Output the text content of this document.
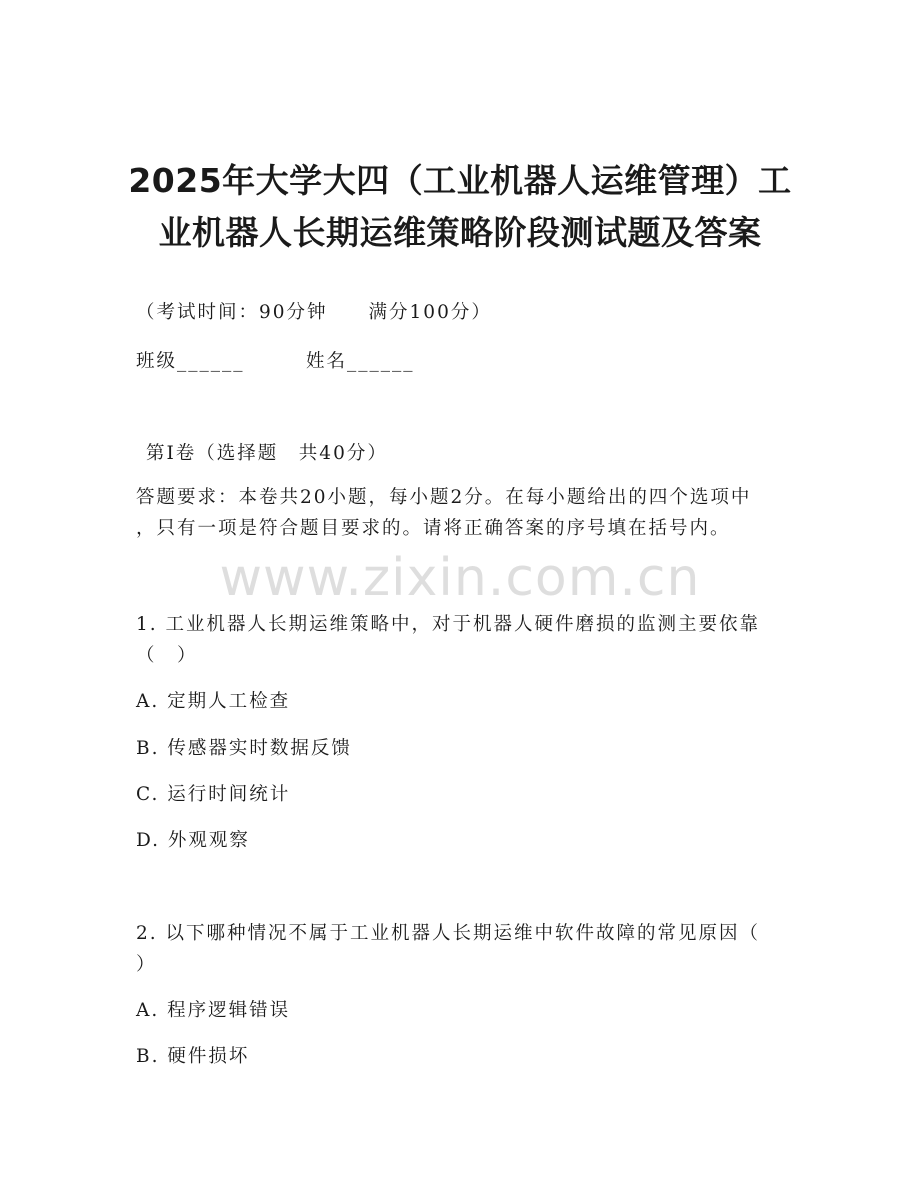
2025年大学大四（工业机器人运维管理）工
业机器人长期运维策略阶段测试题及答案
（考试时间：90分钟　　满分100分）
班级______　　　姓名______
第Ⅰ卷（选择题　共40分）
答题要求：本卷共20小题，每小题2分。在每小题给出的四个选项中
，只有一项是符合题目要求的。请将正确答案的序号填在括号内。
www.zixin.com.cn
1. 工业机器人长期运维策略中，对于机器人硬件磨损的监测主要依靠
（　）
A. 定期人工检查
B. 传感器实时数据反馈
C. 运行时间统计
D. 外观观察
2. 以下哪种情况不属于工业机器人长期运维中软件故障的常见原因（
）
A. 程序逻辑错误
B. 硬件损坏
